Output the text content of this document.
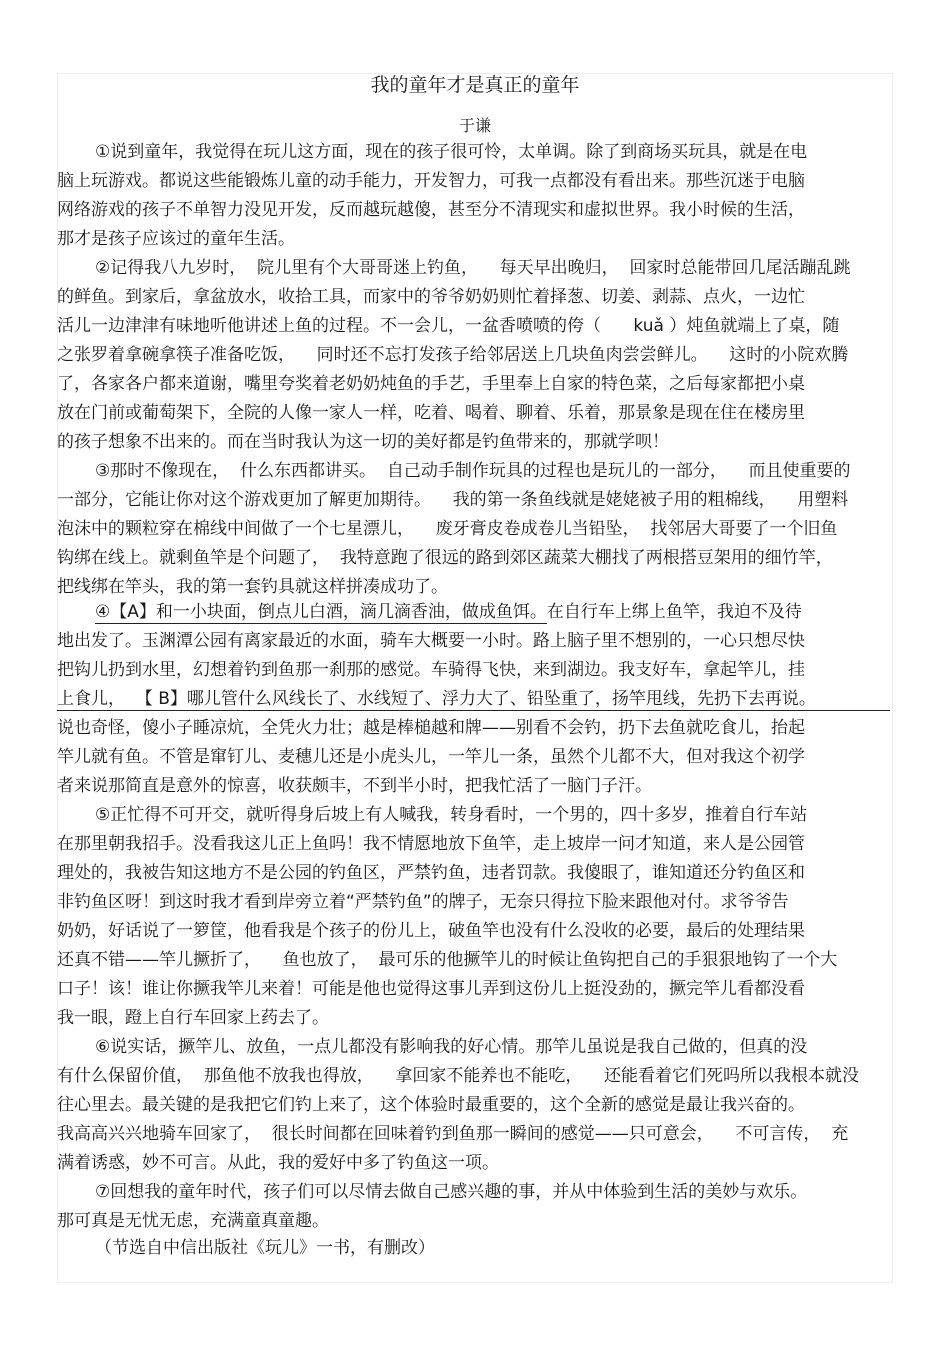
我的童年才是真正的童年
于谦
①说到童年，我觉得在玩儿这方面，现在的孩子很可怜，太单调。除了到商场买玩具，就是在电
脑上玩游戏。都说这些能锻炼儿童的动手能力，开发智力，可我一点都没有看出来。那些沉迷于电脑
网络游戏的孩子不单智力没见开发，反而越玩越傻，甚至分不清现实和虚拟世界。我小时候的生活，
那才是孩子应该过的童年生活。
②记得我八九岁时，  院儿里有个大哥哥迷上钓鱼，    每天早出晚归，  回家时总能带回几尾活蹦乱跳
的鲜鱼。到家后，拿盆放水，收拾工具，而家中的爷爷奶奶则忙着择葱、切姜、剥蒜、点火，一边忙
活儿一边津津有味地听他讲述上鱼的过程。不一会儿，一盆香喷喷的侉（      kuǎ ）炖鱼就端上了桌，随
之张罗着拿碗拿筷子准备吃饭，    同时还不忘打发孩子给邻居送上几块鱼肉尝尝鲜儿。    这时的小院欢腾
了，各家各户都来道谢，嘴里夸奖着老奶奶炖鱼的手艺，手里奉上自家的特色菜，之后每家都把小桌
放在门前或葡萄架下，全院的人像一家人一样，吃着、喝着、聊着、乐着，那景象是现在住在楼房里
的孩子想象不出来的。而在当时我认为这一切的美好都是钓鱼带来的，那就学呗！
③那时不像现在，  什么东西都讲买。  自己动手制作玩具的过程也是玩儿的一部分，    而且使重要的
一部分，它能让你对这个游戏更加了解更加期待。    我的第一条鱼线就是姥姥被子用的粗棉线，    用塑料
泡沫中的颗粒穿在棉线中间做了一个七星漂儿，    废牙膏皮卷成卷儿当铅坠，  找邻居大哥要了一个旧鱼
钩绑在线上。就剩鱼竿是个问题了，  我特意跑了很远的路到郊区蔬菜大棚找了两根搭豆架用的细竹竿，
把线绑在竿头，我的第一套钓具就这样拼凑成功了。
④【A】和一小块面，倒点儿白酒，滴几滴香油，做成鱼饵。在自行车上绑上鱼竿，我迫不及待
地出发了。玉渊潭公园有离家最近的水面，骑车大概要一小时。路上脑子里不想别的，一心只想尽快
把钩儿扔到水里，幻想着钓到鱼那一刹那的感觉。车骑得飞快，来到湖边。我支好车，拿起竿儿，挂
上食儿，  【 B】哪儿管什么风线长了、水线短了、浮力大了、铅坠重了，扬竿甩线，先扔下去再说。
说也奇怪，傻小子睡凉炕，全凭火力壮；越是棒槌越和牌——别看不会钓，扔下去鱼就吃食儿，抬起
竿儿就有鱼。不管是窜钉儿、麦穗儿还是小虎头儿，一竿儿一条，虽然个儿都不大，但对我这个初学
者来说那简直是意外的惊喜，收获颇丰，不到半小时，把我忙活了一脑门子汗。
⑤正忙得不可开交，就听得身后坡上有人喊我，转身看时，一个男的，四十多岁，推着自行车站
在那里朝我招手。没看我这儿正上鱼吗！我不情愿地放下鱼竿，走上坡岸一问才知道，来人是公园管
理处的，我被告知这地方不是公园的钓鱼区，严禁钓鱼，违者罚款。我傻眼了，谁知道还分钓鱼区和
非钓鱼区呀！到这时我才看到岸旁立着“严禁钓鱼”的牌子，无奈只得拉下脸来跟他对付。求爷爷告
奶奶，好话说了一箩筐，他看我是个孩子的份儿上，破鱼竿也没有什么没收的必要，最后的处理结果
还真不错——竿儿撅折了，    鱼也放了，  最可乐的他撅竿儿的时候让鱼钩把自己的手狠狠地钩了一个大
口子！该！谁让你撅我竿儿来着！可能是他也觉得这事儿弄到这份儿上挺没劲的，撅完竿儿看都没看
我一眼，蹬上自行车回家上药去了。
⑥说实话，撅竿儿、放鱼，一点儿都没有影响我的好心情。那竿儿虽说是我自己做的，但真的没
有什么保留价值，  那鱼他不放我也得放，    拿回家不能养也不能吃，    还能看着它们死吗所以我根本就没
往心里去。最关键的是我把它们钓上来了，这个体验时最重要的，这个全新的感觉是最让我兴奋的。
我高高兴兴地骑车回家了，  很长时间都在回味着钓到鱼那一瞬间的感觉——只可意会，    不可言传，  充
满着诱惑，妙不可言。从此，我的爱好中多了钓鱼这一项。
⑦回想我的童年时代，孩子们可以尽情去做自己感兴趣的事，并从中体验到生活的美妙与欢乐。
那可真是无忧无虑，充满童真童趣。
（节选自中信出版社《玩儿》一书，有删改）
